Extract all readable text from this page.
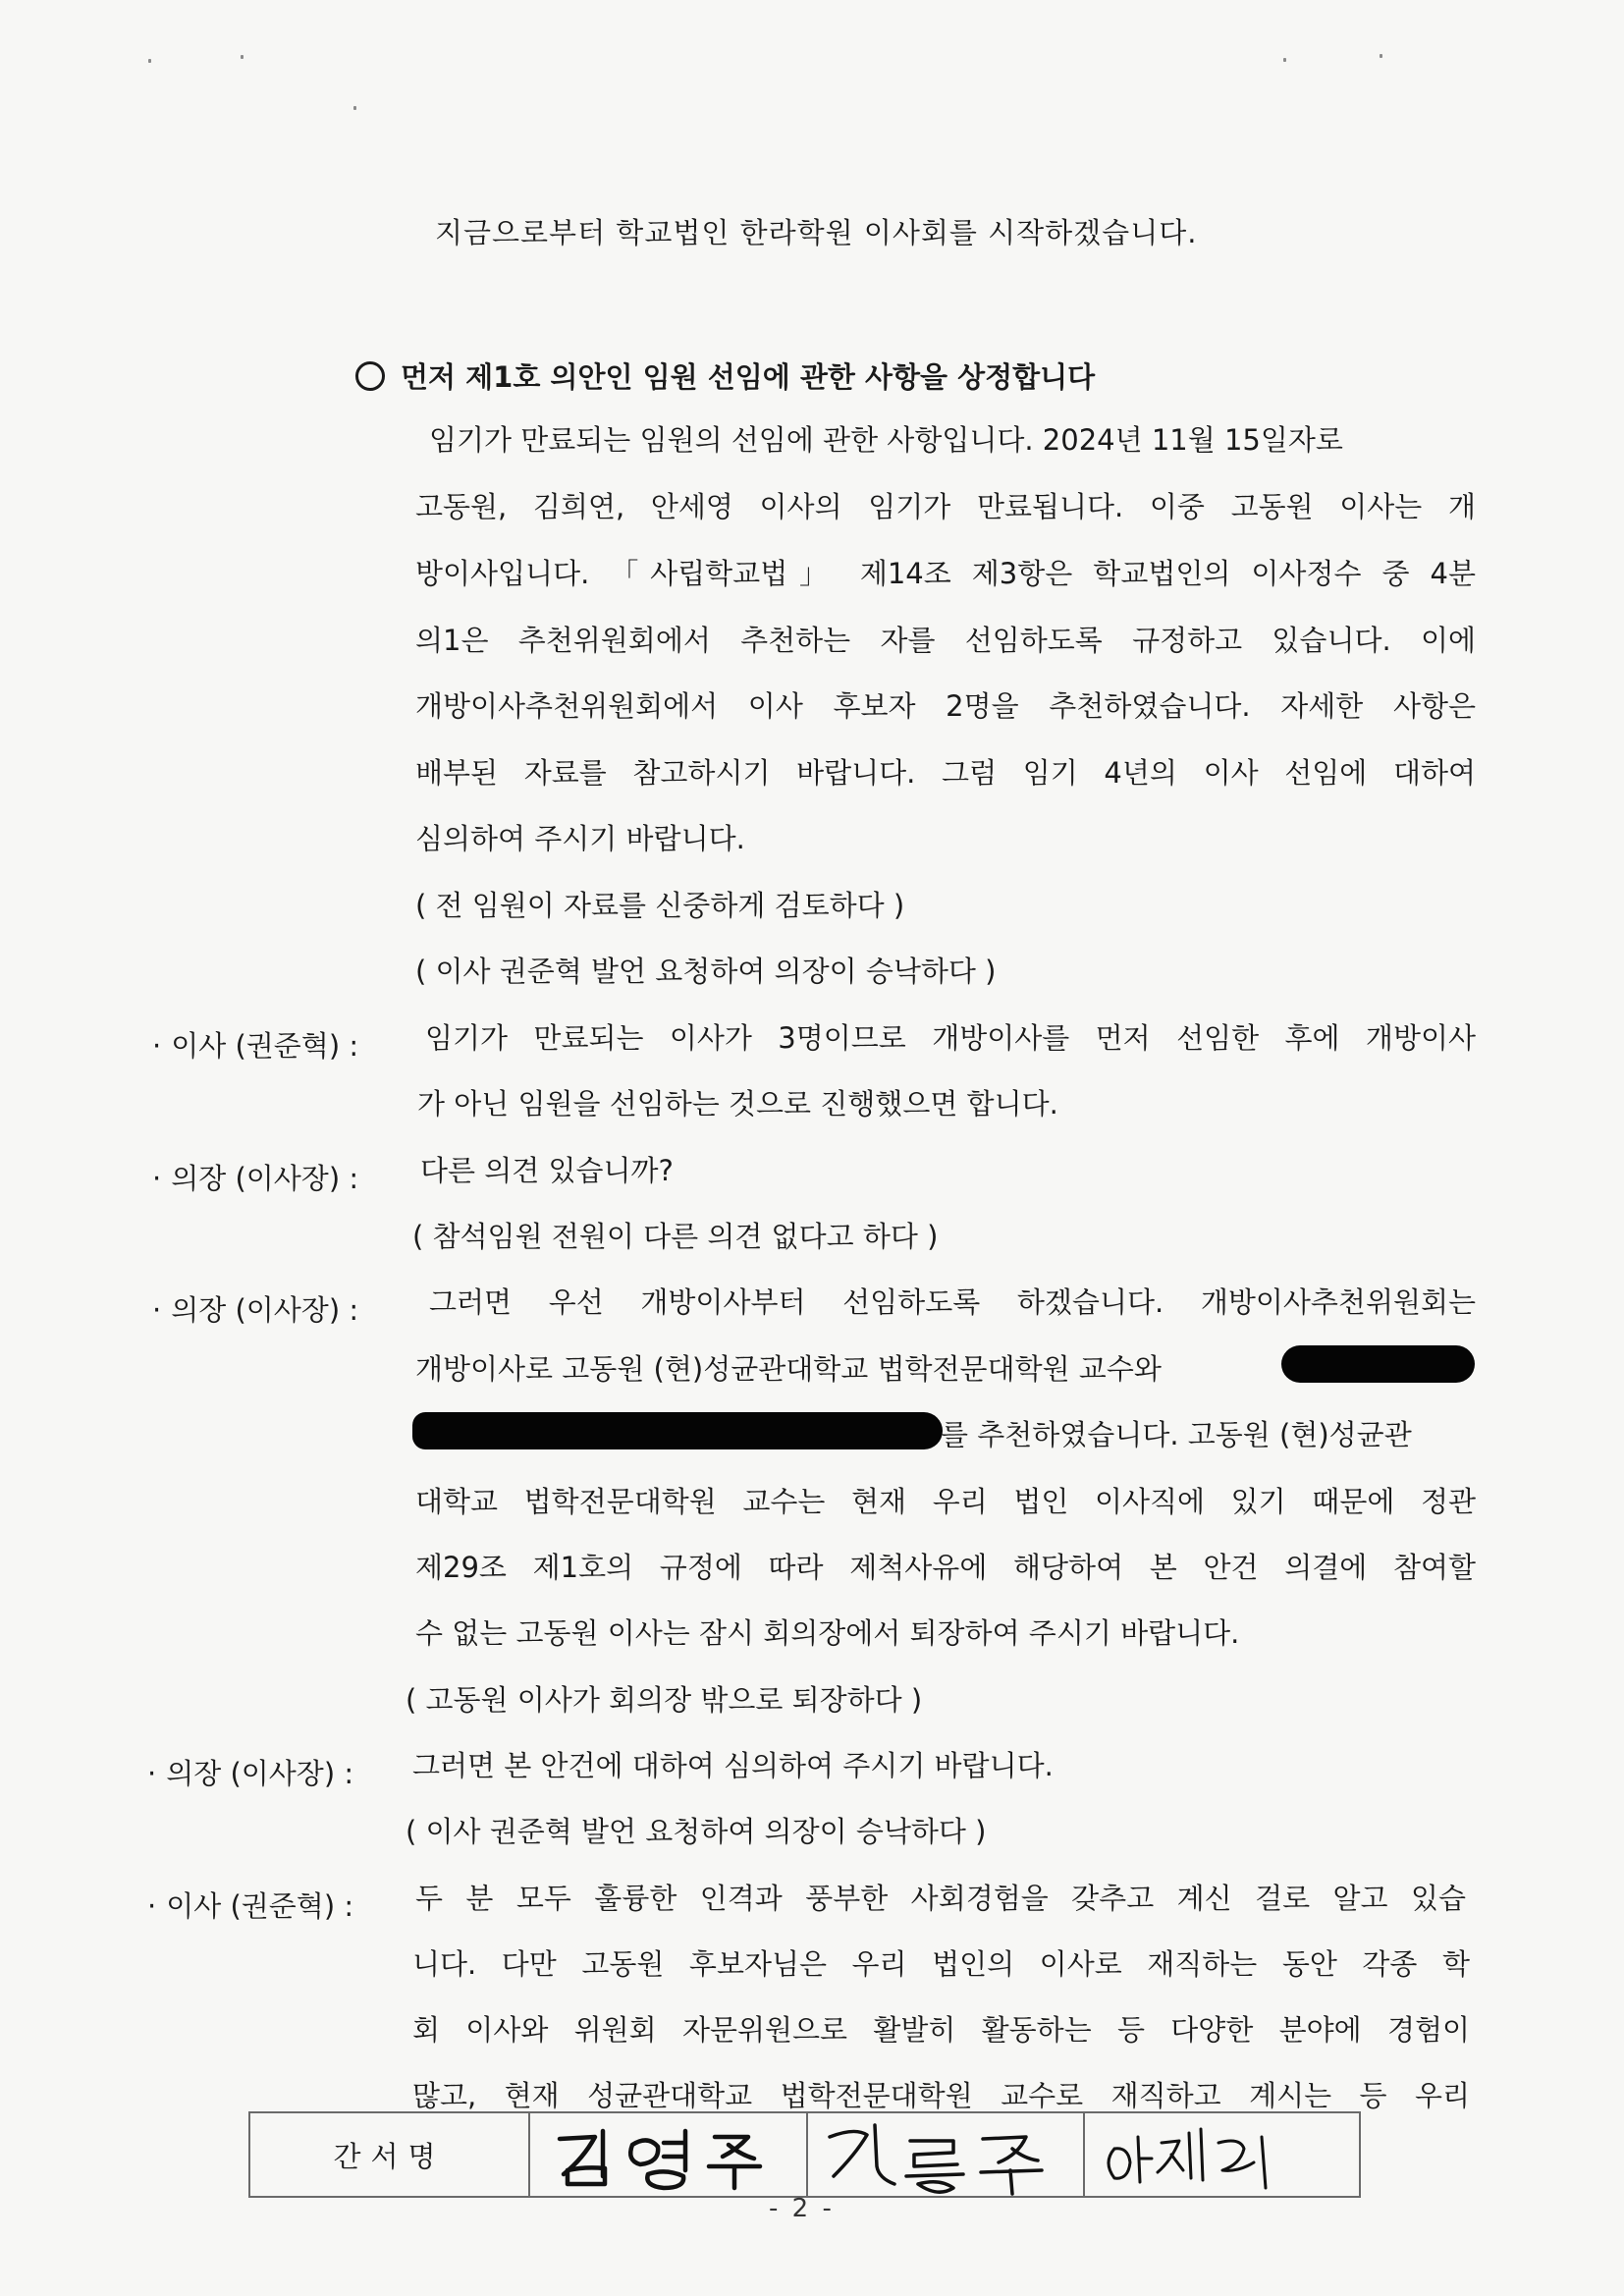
지금으로부터 학교법인 한라학원 이사회를 시작하겠습니다.
먼저 제1호 의안인 임원 선임에 관한 사항을 상정합니다
임기가 만료되는 임원의 선임에 관한 사항입니다. 2024년 11월 15일자로
고동원, 김희연, 안세영 이사의 임기가 만료됩니다. 이중 고동원 이사는 개
방이사입니다. 「사립학교법」 제14조 제3항은 학교법인의 이사정수 중 4분
의1은 추천위원회에서 추천하는 자를 선임하도록 규정하고 있습니다. 이에
개방이사추천위원회에서 이사 후보자 2명을 추천하였습니다. 자세한 사항은
배부된 자료를 참고하시기 바랍니다. 그럼 임기 4년의 이사 선임에 대하여
심의하여 주시기 바랍니다.
( 전 임원이 자료를 신중하게 검토하다 )
( 이사 권준혁 발언 요청하여 의장이 승낙하다 )
· 이사 (권준혁) : 임기가 만료되는 이사가 3명이므로 개방이사를 먼저 선임한 후에 개방이사
가 아닌 임원을 선임하는 것으로 진행했으면 합니다.
· 의장 (이사장) : 다른 의견 있습니까?
( 참석임원 전원이 다른 의견 없다고 하다 )
· 의장 (이사장) : 그러면 우선 개방이사부터 선임하도록 하겠습니다. 개방이사추천위원회는
개방이사로 고동원 (현)성균관대학교 법학전문대학원 교수와
를 추천하였습니다. 고동원 (현)성균관
대학교 법학전문대학원 교수는 현재 우리 법인 이사직에 있기 때문에 정관
제29조 제1호의 규정에 따라 제척사유에 해당하여 본 안건 의결에 참여할
수 없는 고동원 이사는 잠시 회의장에서 퇴장하여 주시기 바랍니다.
( 고동원 이사가 회의장 밖으로 퇴장하다 )
· 의장 (이사장) : 그러면 본 안건에 대하여 심의하여 주시기 바랍니다.
( 이사 권준혁 발언 요청하여 의장이 승낙하다 )
· 이사 (권준혁) : 두 분 모두 훌륭한 인격과 풍부한 사회경험을 갖추고 계신 걸로 알고 있습
니다. 다만 고동원 후보자님은 우리 법인의 이사로 재직하는 동안 각종 학
회 이사와 위원회 자문위원으로 활발히 활동하는 등 다양한 분야에 경험이
많고, 현재 성균관대학교 법학전문대학원 교수로 재직하고 계시는 등 우리
간서명
- 2 -
